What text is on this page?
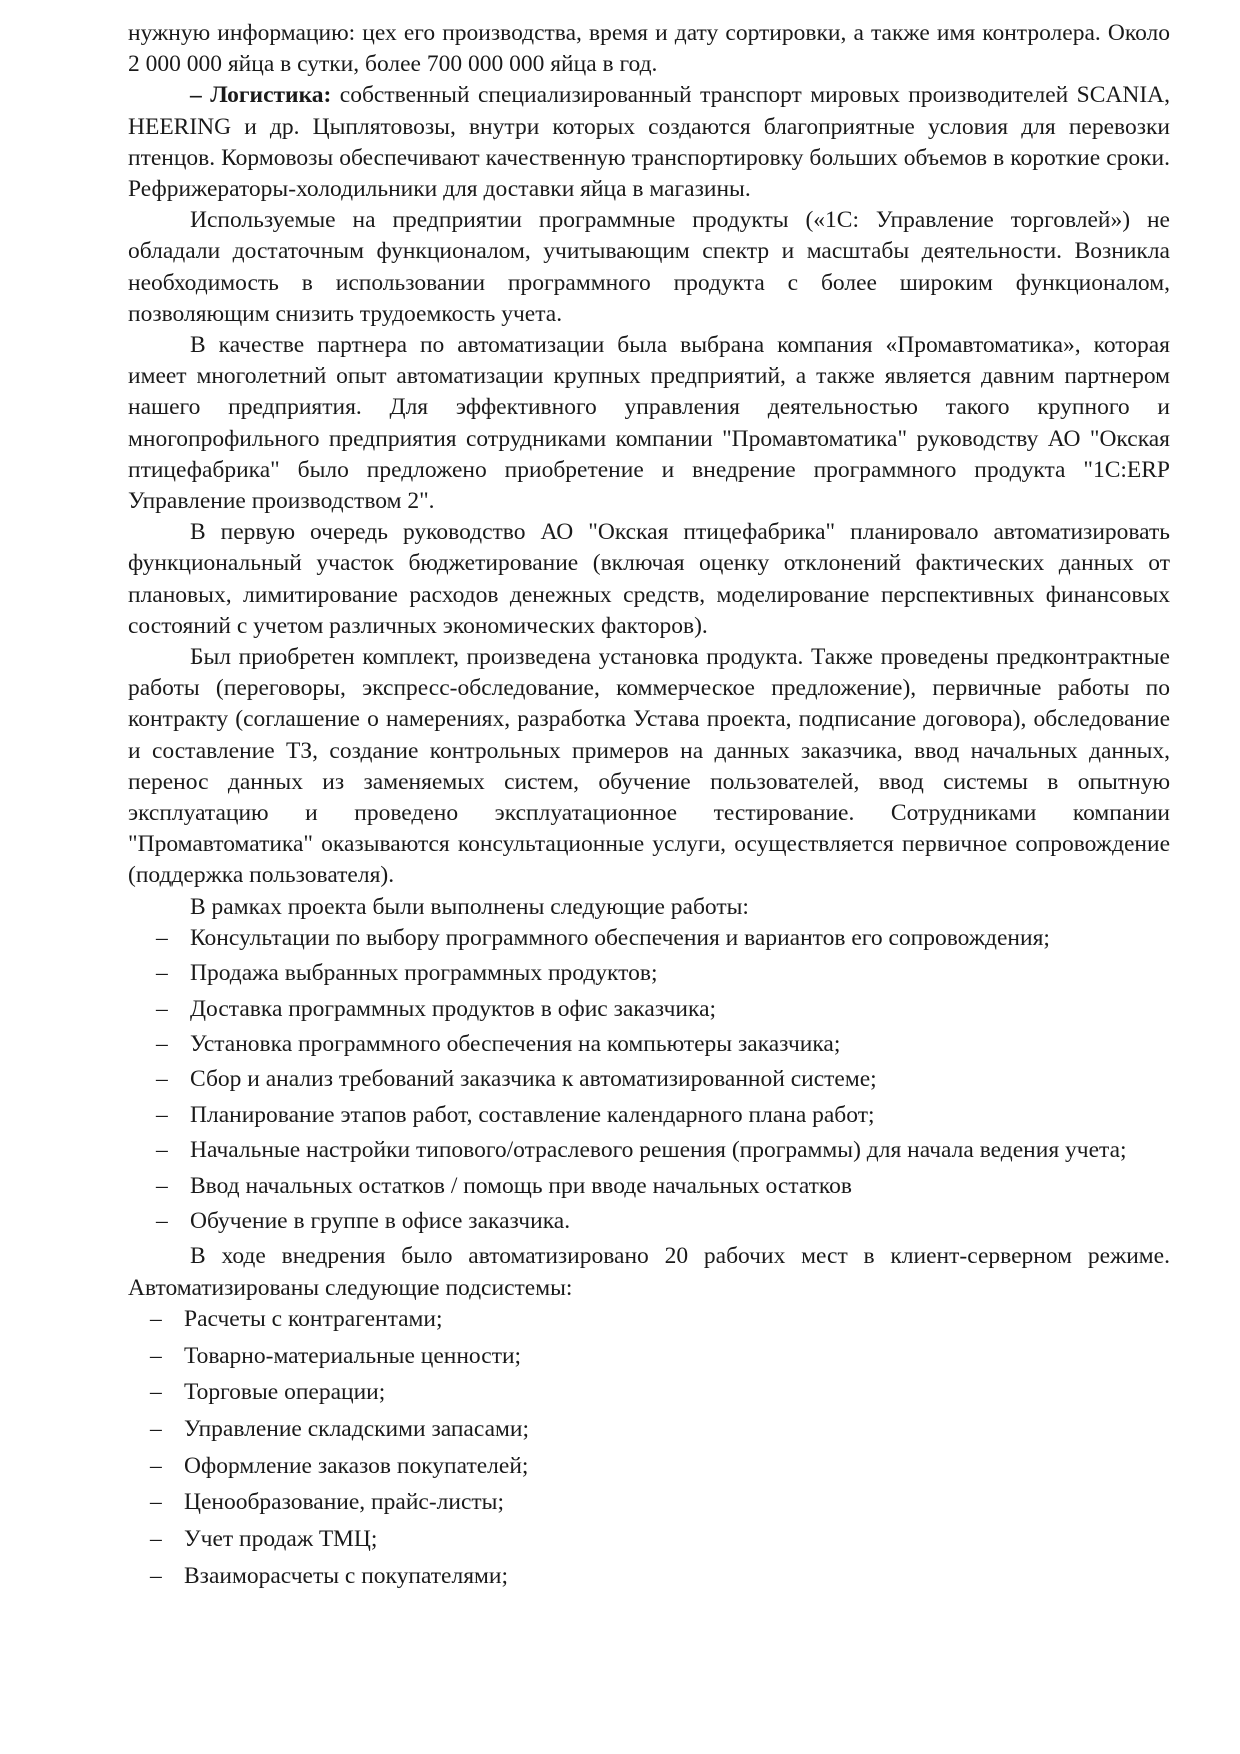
нужную информацию: цех его производства, время и дату сортировки, а также имя контролера. Около 2 000 000 яйца в сутки, более 700 000 000 яйца в год.

– Логистика: собственный специализированный транспорт мировых производителей SCANIA, HEERING и др. Цыплятовозы, внутри которых создаются благоприятные условия для перевозки птенцов. Кормовозы обеспечивают качественную транспортировку больших объемов в короткие сроки. Рефрижераторы-холодильники для доставки яйца в магазины.

Используемые на предприятии программные продукты («1С: Управление торговлей») не обладали достаточным функционалом, учитывающим спектр и масштабы деятельности. Возникла необходимость в использовании программного продукта с более широким функционалом, позволяющим снизить трудоемкость учета.

В качестве партнера по автоматизации была выбрана компания «Промавтоматика», которая имеет многолетний опыт автоматизации крупных предприятий, а также является давним партнером нашего предприятия. Для эффективного управления деятельностью такого крупного и многопрофильного предприятия сотрудниками компании "Промавтоматика" руководству АО "Окская птицефабрика" было предложено приобретение и внедрение программного продукта "1С:ERP Управление производством 2".

В первую очередь руководство АО "Окская птицефабрика" планировало автоматизировать функциональный участок бюджетирование (включая оценку отклонений фактических данных от плановых, лимитирование расходов денежных средств, моделирование перспективных финансовых состояний с учетом различных экономических факторов).

Был приобретен комплект, произведена установка продукта. Также проведены предконтрактные работы (переговоры, экспресс-обследование, коммерческое предложение), первичные работы по контракту (соглашение о намерениях, разработка Устава проекта, подписание договора), обследование и составление ТЗ, создание контрольных примеров на данных заказчика, ввод начальных данных, перенос данных из заменяемых систем, обучение пользователей, ввод системы в опытную эксплуатацию и проведено эксплуатационное тестирование. Сотрудниками компании "Промавтоматика" оказываются консультационные услуги, осуществляется первичное сопровождение (поддержка пользователя).

В рамках проекта были выполнены следующие работы:

– Консультации по выбору программного обеспечения и вариантов его сопровождения;
– Продажа выбранных программных продуктов;
– Доставка программных продуктов в офис заказчика;
– Установка программного обеспечения на компьютеры заказчика;
– Сбор и анализ требований заказчика к автоматизированной системе;
– Планирование этапов работ, составление календарного плана работ;
– Начальные настройки типового/отраслевого решения (программы) для начала ведения учета;
– Ввод начальных остатков / помощь при вводе начальных остатков
– Обучение в группе в офисе заказчика.

В ходе внедрения было автоматизировано 20 рабочих мест в клиент-серверном режиме. Автоматизированы следующие подсистемы:

– Расчеты с контрагентами;
– Товарно-материальные ценности;
– Торговые операции;
– Управление складскими запасами;
– Оформление заказов покупателей;
– Ценообразование, прайс-листы;
– Учет продаж ТМЦ;
– Взаиморасчеты с покупателями;
